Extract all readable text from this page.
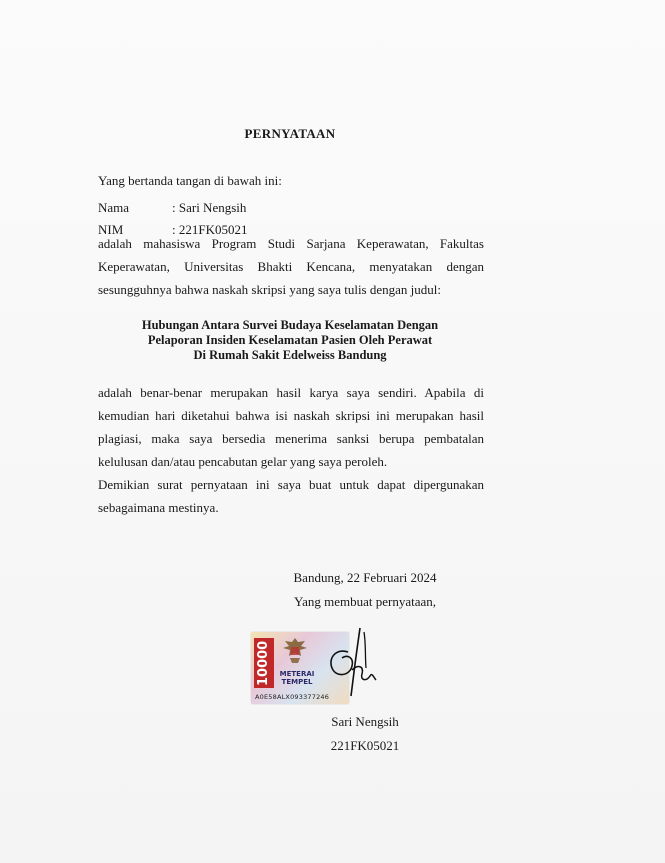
PERNYATAAN
Yang bertanda tangan di bawah ini:
Nama	: Sari Nengsih
NIM	: 221FK05021
adalah mahasiswa Program Studi Sarjana Keperawatan, Fakultas Keperawatan, Universitas Bhakti Kencana, menyatakan dengan sesungguhnya bahwa naskah skripsi yang saya tulis dengan judul:
Hubungan Antara Survei Budaya Keselamatan Dengan
Pelaporan Insiden Keselamatan Pasien Oleh Perawat
Di Rumah Sakit Edelweiss Bandung
adalah benar-benar merupakan hasil karya saya sendiri. Apabila di kemudian hari diketahui bahwa isi naskah skripsi ini merupakan hasil plagiasi, maka saya bersedia menerima sanksi berupa pembatalan kelulusan dan/atau pencabutan gelar yang saya peroleh.
Demikian surat pernyataan ini saya buat untuk dapat dipergunakan sebagaimana mestinya.
Bandung, 22 Februari 2024
Yang membuat pernyataan,
10000	METERAI
TEMPEL
A0E58ALX093377246
Sari Nengsih
221FK05021
